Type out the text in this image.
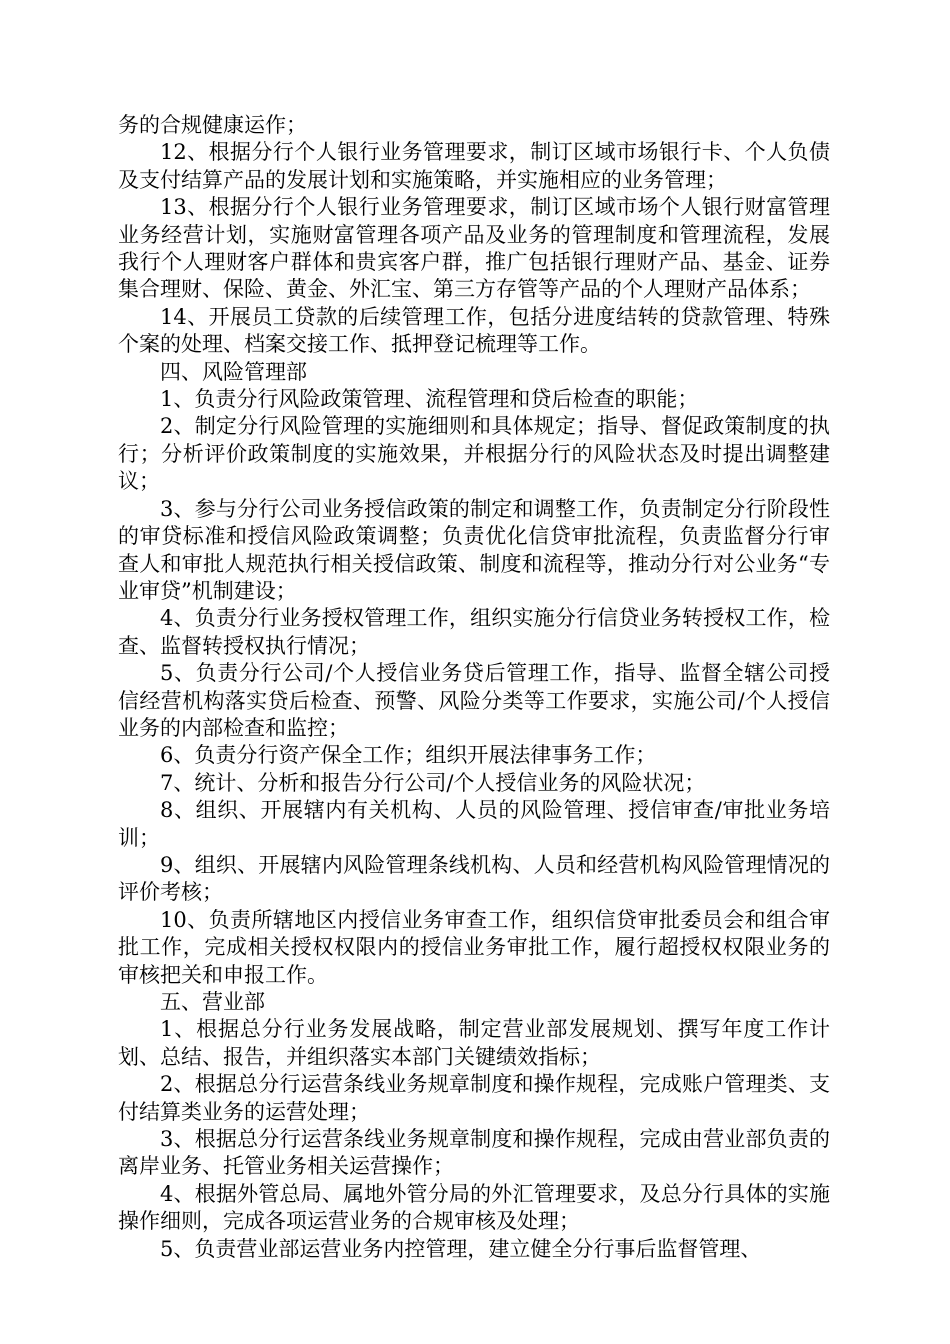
务的合规健康运作；

12、根据分行个人银行业务管理要求，制订区域市场银行卡、个人负债及支付结算产品的发展计划和实施策略，并实施相应的业务管理；

13、根据分行个人银行业务管理要求，制订区域市场个人银行财富管理业务经营计划，实施财富管理各项产品及业务的管理制度和管理流程，发展我行个人理财客户群体和贵宾客户群，推广包括银行理财产品、基金、证券集合理财、保险、黄金、外汇宝、第三方存管等产品的个人理财产品体系；

14、开展员工贷款的后续管理工作，包括分进度结转的贷款管理、特殊个案的处理、档案交接工作、抵押登记梳理等工作。

四、风险管理部

1、负责分行风险政策管理、流程管理和贷后检查的职能；

2、制定分行风险管理的实施细则和具体规定；指导、督促政策制度的执行；分析评价政策制度的实施效果，并根据分行的风险状态及时提出调整建议；

3、参与分行公司业务授信政策的制定和调整工作，负责制定分行阶段性的审贷标准和授信风险政策调整；负责优化信贷审批流程，负责监督分行审查人和审批人规范执行相关授信政策、制度和流程等，推动分行对公业务“专业审贷”机制建设；

4、负责分行业务授权管理工作，组织实施分行信贷业务转授权工作，检查、监督转授权执行情况；

5、负责分行公司/个人授信业务贷后管理工作，指导、监督全辖公司授信经营机构落实贷后检查、预警、风险分类等工作要求，实施公司/个人授信业务的内部检查和监控；

6、负责分行资产保全工作；组织开展法律事务工作；

7、统计、分析和报告分行公司/个人授信业务的风险状况；

8、组织、开展辖内有关机构、人员的风险管理、授信审查/审批业务培训；

9、组织、开展辖内风险管理条线机构、人员和经营机构风险管理情况的评价考核；

10、负责所辖地区内授信业务审查工作，组织信贷审批委员会和组合审批工作，完成相关授权权限内的授信业务审批工作，履行超授权权限业务的审核把关和申报工作。

五、营业部

1、根据总分行业务发展战略，制定营业部发展规划、撰写年度工作计划、总结、报告，并组织落实本部门关键绩效指标；

2、根据总分行运营条线业务规章制度和操作规程，完成账户管理类、支付结算类业务的运营处理；

3、根据总分行运营条线业务规章制度和操作规程，完成由营业部负责的离岸业务、托管业务相关运营操作；

4、根据外管总局、属地外管分局的外汇管理要求，及总分行具体的实施操作细则，完成各项运营业务的合规审核及处理；

5、负责营业部运营业务内控管理，建立健全分行事后监督管理、
